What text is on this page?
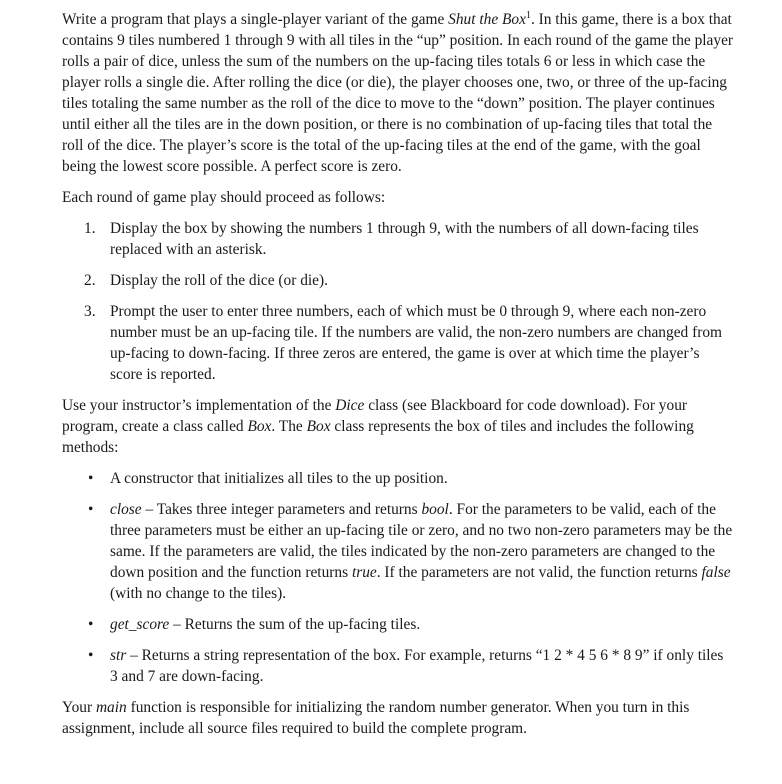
Write a program that plays a single-player variant of the game Shut the Box$^1$. In this game, there is a box that contains 9 tiles numbered 1 through 9 with all tiles in the “up” position. In each round of the game the player rolls a pair of dice, unless the sum of the numbers on the up-facing tiles totals 6 or less in which case the player rolls a single die. After rolling the dice (or die), the player chooses one, two, or three of the up-facing tiles totaling the same number as the roll of the dice to move to the “down” position. The player continues until either all the tiles are in the down position, or there is no combination of up-facing tiles that total the roll of the dice. The player’s score is the total of the up-facing tiles at the end of the game, with the goal being the lowest score possible. A perfect score is zero.

Each round of game play should proceed as follows:

1. Display the box by showing the numbers 1 through 9, with the numbers of all down-facing tiles replaced with an asterisk.
2. Display the roll of the dice (or die).
3. Prompt the user to enter three numbers, each of which must be 0 through 9, where each non-zero number must be an up-facing tile. If the numbers are valid, the non-zero numbers are changed from up-facing to down-facing. If three zeros are entered, the game is over at which time the player’s score is reported.

Use your instructor’s implementation of the Dice class (see Blackboard for code download). For your program, create a class called Box. The Box class represents the box of tiles and includes the following methods:

• A constructor that initializes all tiles to the up position.
• close – Takes three integer parameters and returns bool. For the parameters to be valid, each of the three parameters must be either an up-facing tile or zero, and no two non-zero parameters may be the same. If the parameters are valid, the tiles indicated by the non-zero parameters are changed to the down position and the function returns true. If the parameters are not valid, the function returns false (with no change to the tiles).
• get_score – Returns the sum of the up-facing tiles.
• str – Returns a string representation of the box. For example, returns “1 2 * 4 5 6 * 8 9” if only tiles 3 and 7 are down-facing.

Your main function is responsible for initializing the random number generator. When you turn in this assignment, include all source files required to build the complete program.
